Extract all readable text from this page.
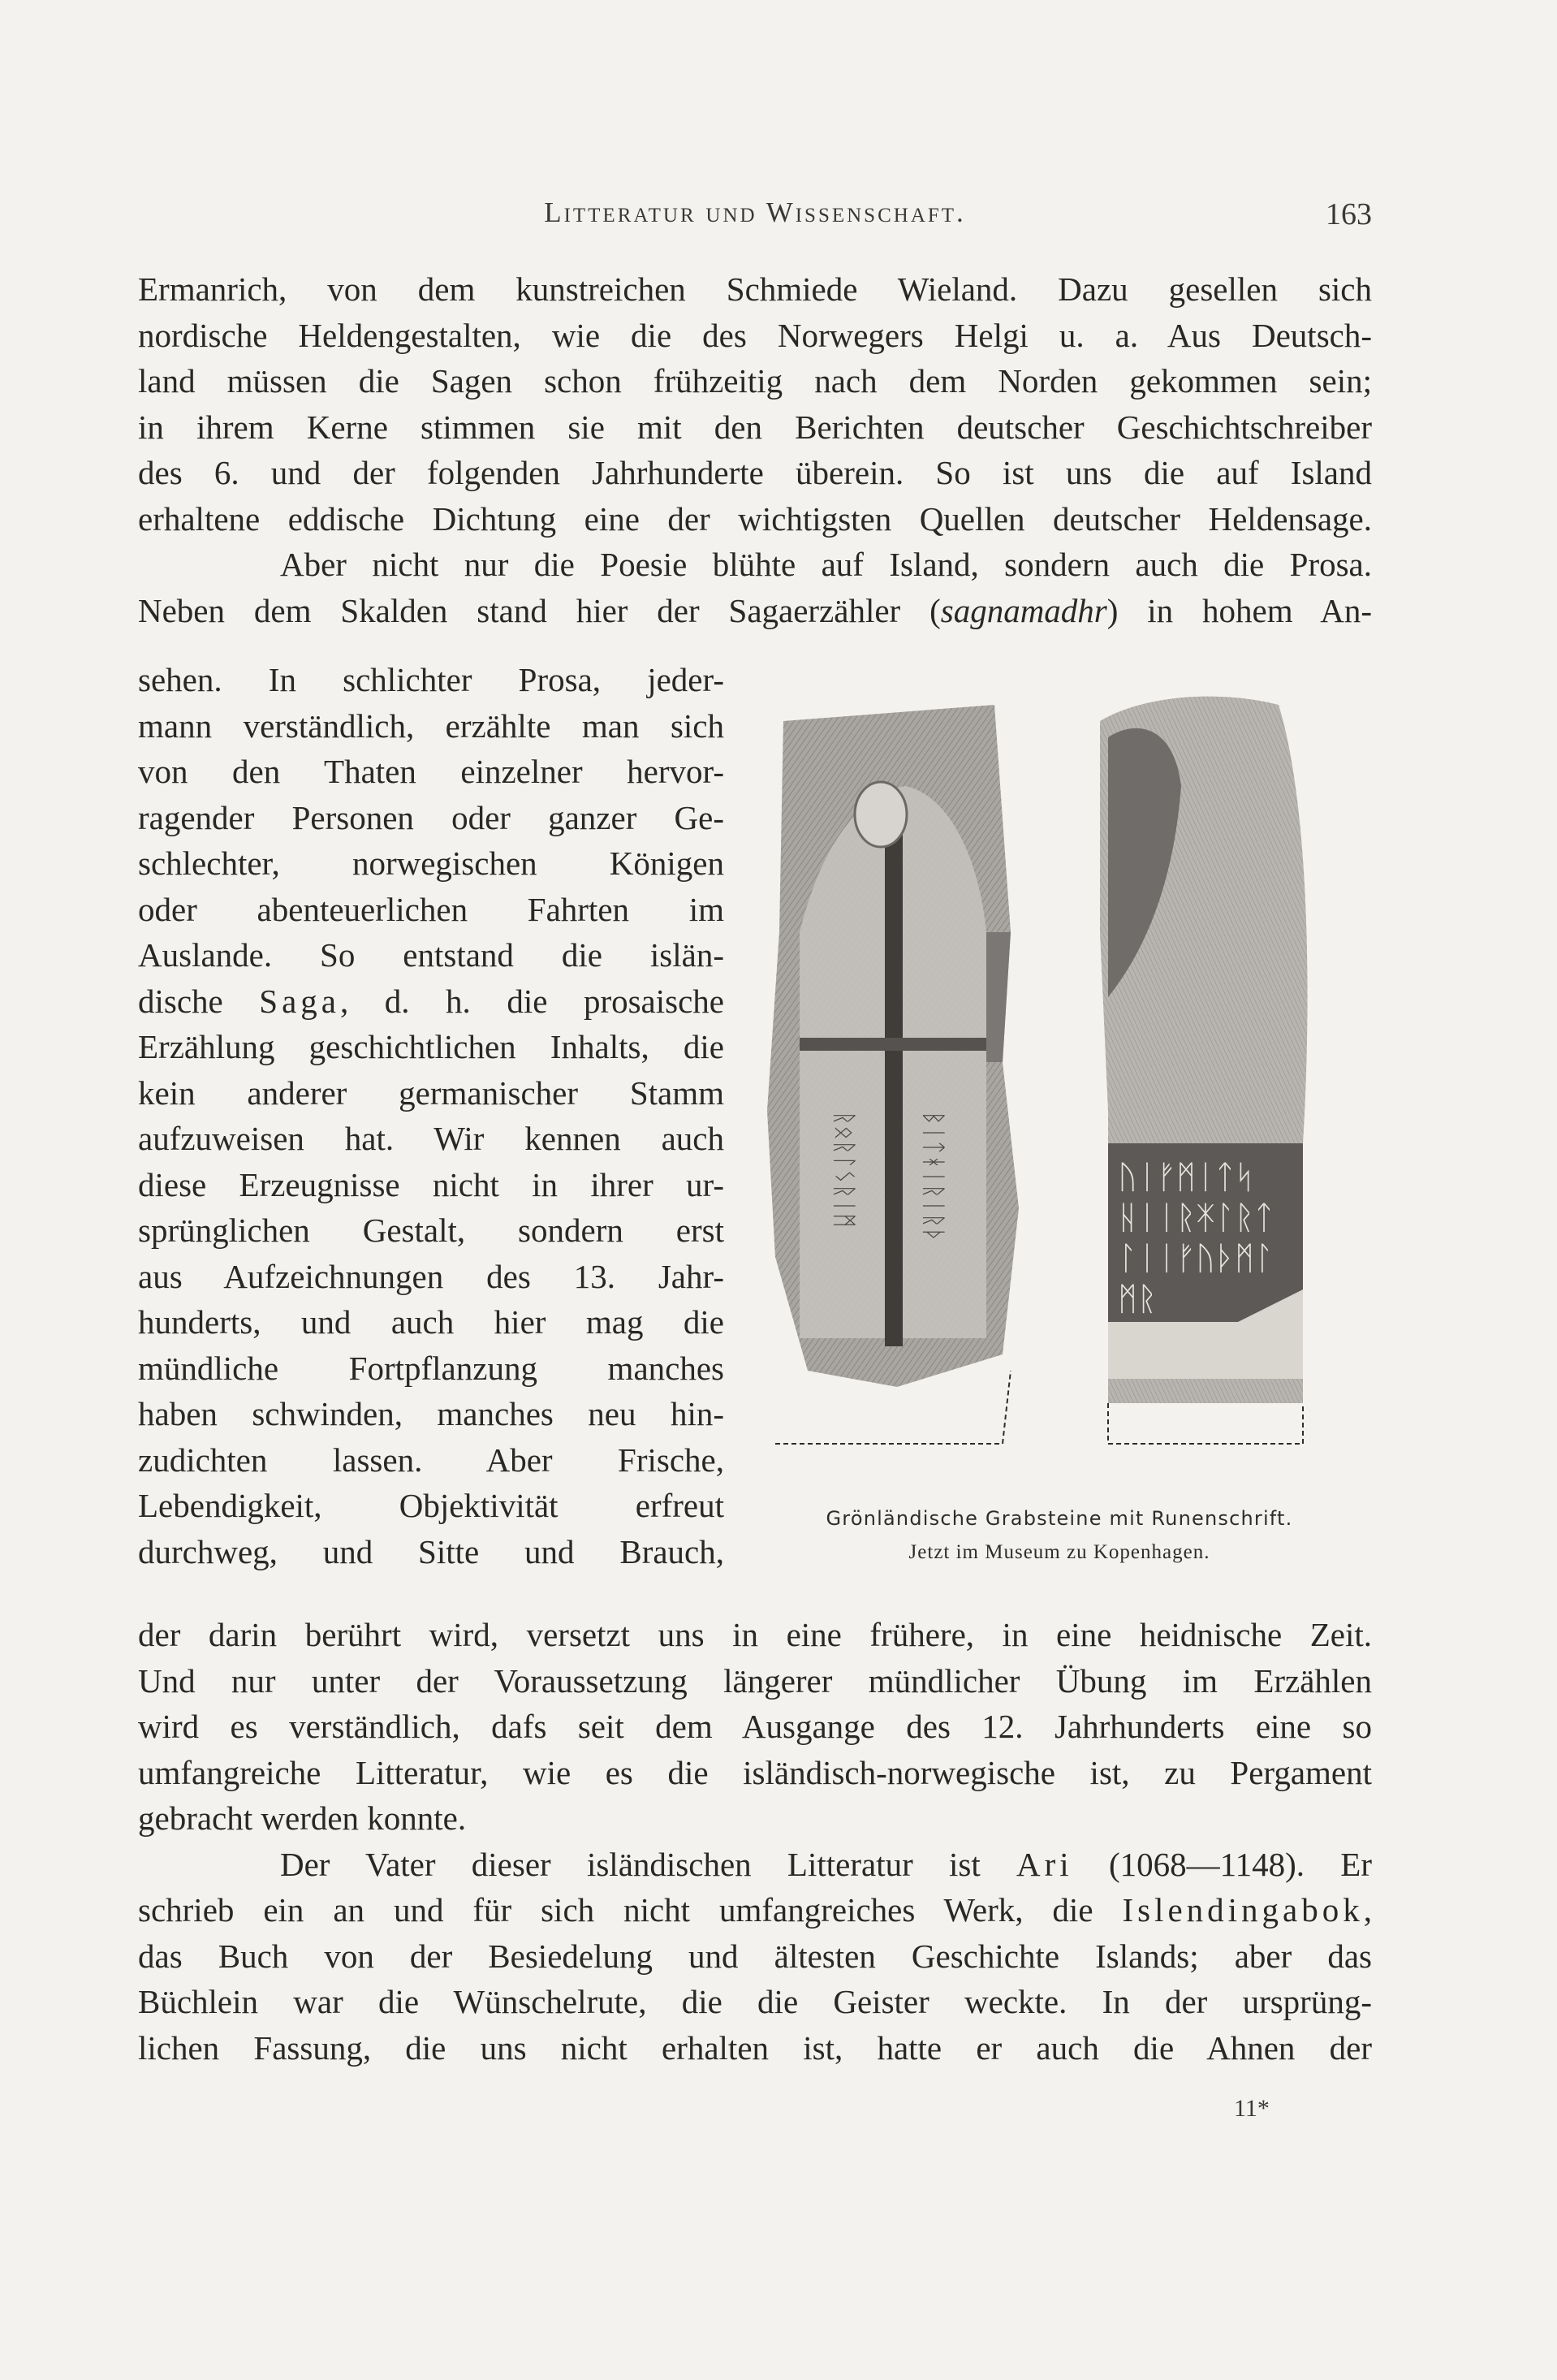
Litteratur und Wissenschaft.	163
Ermanrich, von dem kunstreichen Schmiede Wieland. Dazu gesellen sich
nordische Heldengestalten, wie die des Norwegers Helgi u. a. Aus Deutsch-
land müssen die Sagen schon frühzeitig nach dem Norden gekommen sein;
in ihrem Kerne stimmen sie mit den Berichten deutscher Geschichtschreiber
des 6. und der folgenden Jahrhunderte überein. So ist uns die auf Island
erhaltene eddische Dichtung eine der wichtigsten Quellen deutscher Heldensage.
Aber nicht nur die Poesie blühte auf Island, sondern auch die Prosa.
Neben dem Skalden stand hier der Sagaerzähler (sagnamadhr) in hohem An-
sehen. In schlichter Prosa, jeder-
mann verständlich, erzählte man sich
von den Thaten einzelner hervor-
ragender Personen oder ganzer Ge-
schlechter, norwegischen Königen
oder abenteuerlichen Fahrten im
Auslande. So entstand die islän-
dische Saga, d. h. die prosaische
Erzählung geschichtlichen Inhalts, die
kein anderer germanischer Stamm
aufzuweisen hat. Wir kennen auch
diese Erzeugnisse nicht in ihrer ur-
sprünglichen Gestalt, sondern erst
aus Aufzeichnungen des 13. Jahr-
hunderts, und auch hier mag die
mündliche Fortpflanzung manches
haben schwinden, manches neu hin-
zudichten lassen. Aber Frische,
Lebendigkeit, Objektivität erfreut
durchweg, und Sitte und Brauch,
ᚱᛟᚱᛚᛊᚱᛁᛗ	ᛒᛁᛏᚼᛁᚱᛁᚱᚦ	ᚢᛁᚠᛗᛁᛏᛋ
ᚺᛁᛁᚱᛡᛚᚱᛏ
ᛚᛁᛁᚠᚢᚦᛗᛚ
ᛗᚱ
Grönländische Grabsteine mit Runenschrift.
Jetzt im Museum zu Kopenhagen.
der darin berührt wird, versetzt uns in eine frühere, in eine heidnische Zeit.
Und nur unter der Voraussetzung längerer mündlicher Übung im Erzählen
wird es verständlich, dafs seit dem Ausgange des 12. Jahrhunderts eine so
umfangreiche Litteratur, wie es die isländisch-norwegische ist, zu Pergament
gebracht werden konnte.
Der Vater dieser isländischen Litteratur ist Ari (1068—1148). Er
schrieb ein an und für sich nicht umfangreiches Werk, die Islendingabok,
das Buch von der Besiedelung und ältesten Geschichte Islands; aber das
Büchlein war die Wünschelrute, die die Geister weckte. In der ursprüng-
lichen Fassung, die uns nicht erhalten ist, hatte er auch die Ahnen der
11*
